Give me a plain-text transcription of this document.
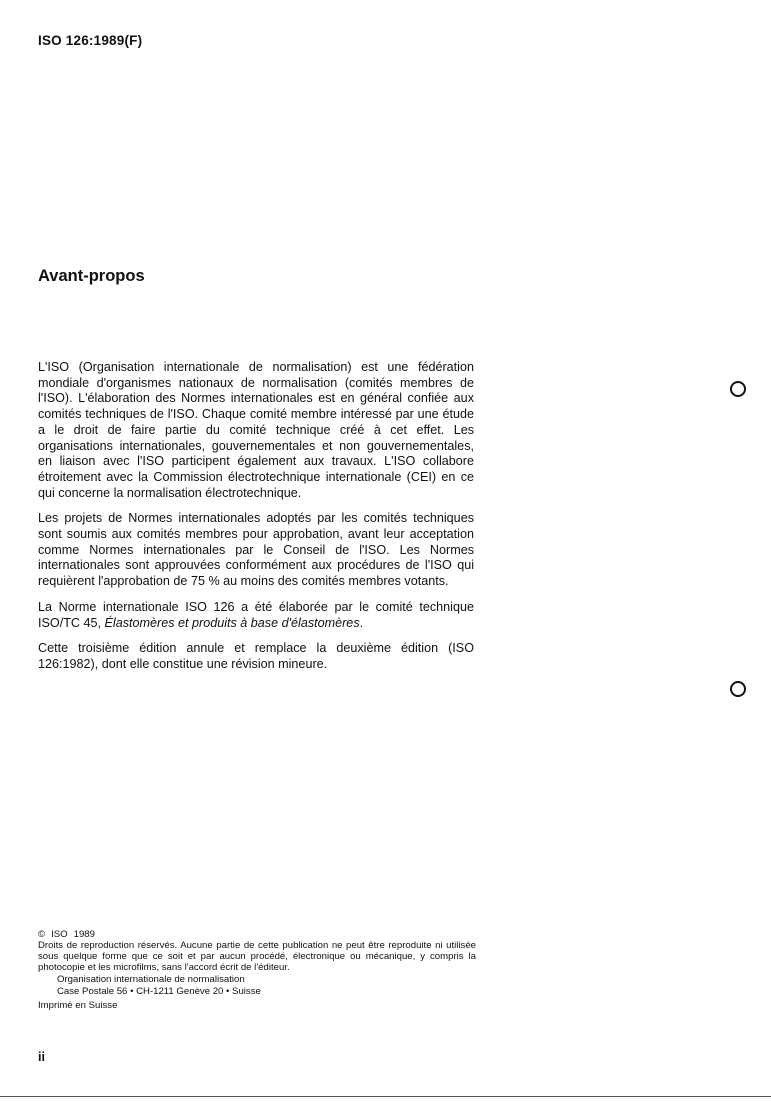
ISO 126:1989(F)
Avant-propos

L'ISO (Organisation internationale de normalisation) est une fédération mondiale d'organismes nationaux de normalisation (comités membres de l'ISO). L'élaboration des Normes internationales est en général confiée aux comités techniques de l'ISO. Chaque comité membre intéressé par une étude a le droit de faire partie du comité technique créé à cet effet. Les organisations internationales, gouvernementales et non gouvernementales, en liaison avec l'ISO participent également aux travaux. L'ISO collabore étroitement avec la Commission électrotechnique internationale (CEI) en ce qui concerne la normalisation électrotechnique.

Les projets de Normes internationales adoptés par les comités techniques sont soumis aux comités membres pour approbation, avant leur acceptation comme Normes internationales par le Conseil de l'ISO. Les Normes internationales sont approuvées conformément aux procédures de l'ISO qui requièrent l'approbation de 75 % au moins des comités membres votants.

La Norme internationale ISO 126 a été élaborée par le comité technique ISO/TC 45, Élastomères et produits à base d'élastomères.

Cette troisième édition annule et remplace la deuxième édition (ISO 126:1982), dont elle constitue une révision mineure.

© ISO 1989
Droits de reproduction réservés. Aucune partie de cette publication ne peut être reproduite ni utilisée sous quelque forme que ce soit et par aucun procédé, électronique ou mécanique, y compris la photocopie et les microfilms, sans l'accord écrit de l'éditeur.
Organisation internationale de normalisation
Case Postale 56 • CH-1211 Genève 20 • Suisse
Imprimé en Suisse
ii
